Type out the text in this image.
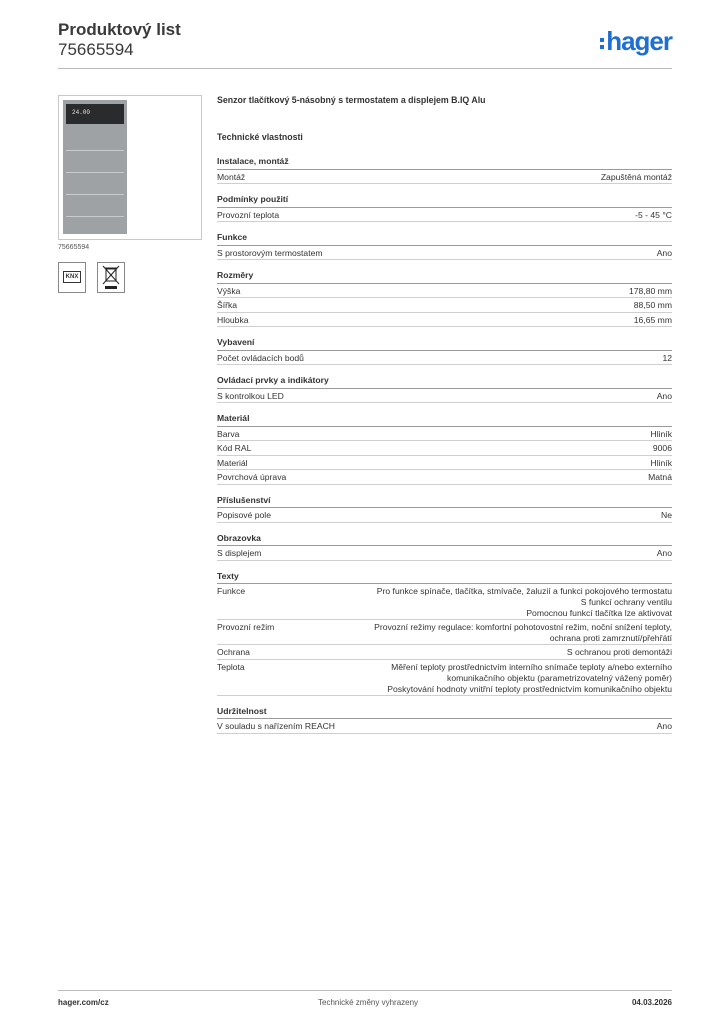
Produktový list
75665594	hager
24.00
75665594
KNX
Senzor tlačítkový 5-násobný s termostatem a displejem B.IQ Alu
Technické vlastnosti
Instalace, montáž
Montáž	Zapuštěná montáž
Podmínky použití
Provozní teplota	-5 - 45 °C
Funkce
S prostorovým termostatem	Ano
Rozměry
Výška	178,80 mm
Šířka	88,50 mm
Hloubka	16,65 mm
Vybavení
Počet ovládacích bodů	12
Ovládací prvky a indikátory
S kontrolkou LED	Ano
Materiál
Barva	Hliník
Kód RAL	9006
Materiál	Hliník
Povrchová úprava	Matná
Příslušenství
Popisové pole	Ne
Obrazovka
S displejem	Ano
Texty
Funkce	Pro funkce spínače, tlačítka, stmívače, žaluzií a funkci pokojového termostatu
S funkcí ochrany ventilu
Pomocnou funkcí tlačítka lze aktivovat
Provozní režim	Provozní režimy regulace: komfortní pohotovostní režim, noční snížení teploty,
ochrana proti zamrznutí/přehřátí
Ochrana	S ochranou proti demontáži
Teplota	Měření teploty prostřednictvím interního snímače teploty a/nebo externího
komunikačního objektu (parametrizovatelný vážený poměr)
Poskytování hodnoty vnitřní teploty prostřednictvím komunikačního objektu
Udržitelnost
V souladu s nařízením REACH	Ano
hager.com/cz	Technické změny vyhrazeny	04.03.2026
